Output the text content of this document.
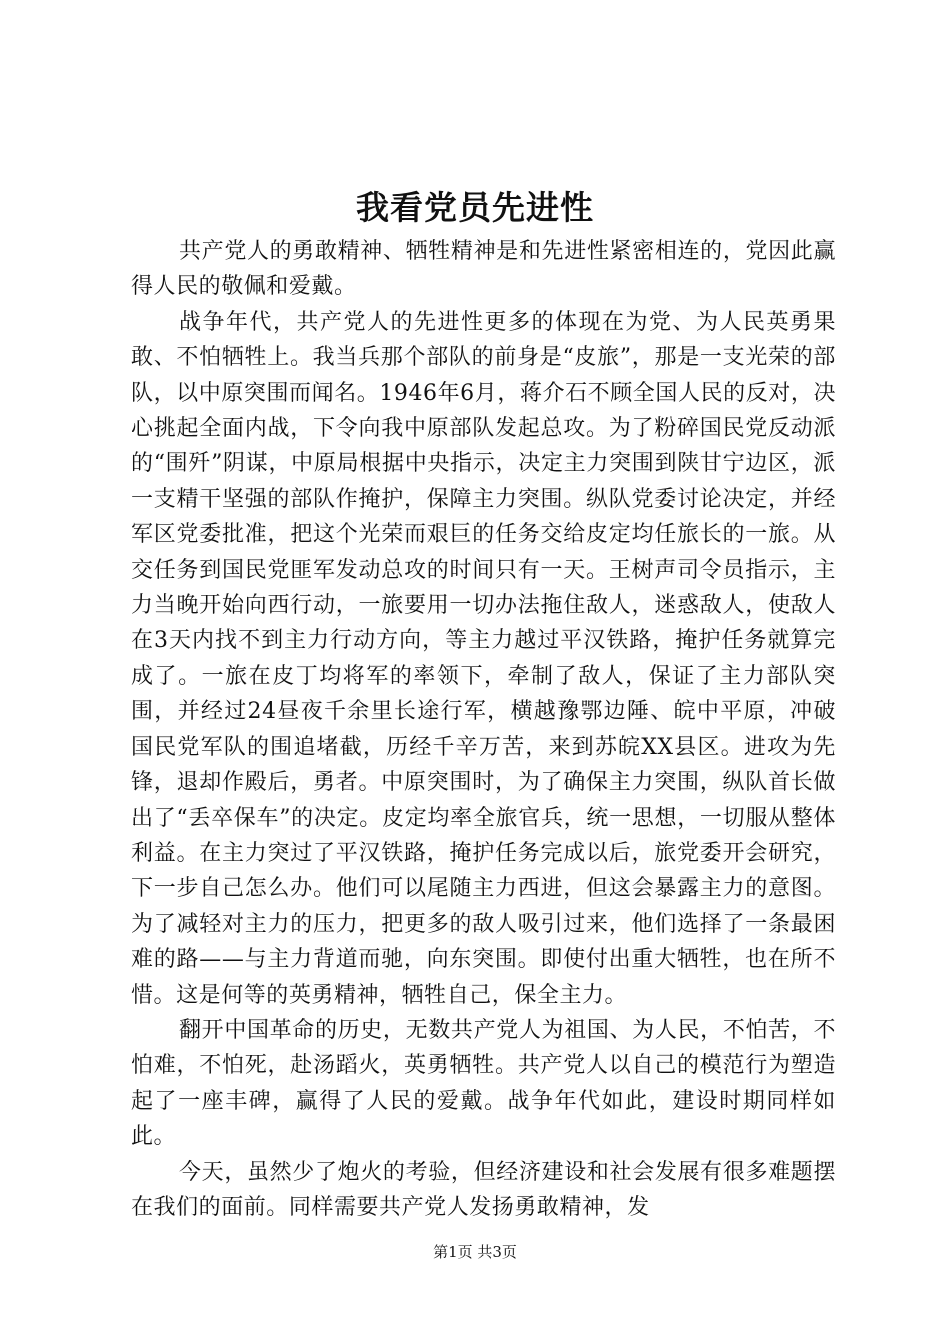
我看党员先进性

共产党人的勇敢精神、牺牲精神是和先进性紧密相连的，党因此赢得人民的敬佩和爱戴。

战争年代，共产党人的先进性更多的体现在为党、为人民英勇果敢、不怕牺牲上。我当兵那个部队的前身是“皮旅”，那是一支光荣的部队，以中原突围而闻名。1946年6月，蒋介石不顾全国人民的反对，决心挑起全面内战，下令向我中原部队发起总攻。为了粉碎国民党反动派的“围歼”阴谋，中原局根据中央指示，决定主力突围到陕甘宁边区，派一支精干坚强的部队作掩护，保障主力突围。纵队党委讨论决定，并经军区党委批准，把这个光荣而艰巨的任务交给皮定均任旅长的一旅。从交任务到国民党匪军发动总攻的时间只有一天。王树声司令员指示，主力当晚开始向西行动，一旅要用一切办法拖住敌人，迷惑敌人，使敌人在3天内找不到主力行动方向，等主力越过平汉铁路，掩护任务就算完成了。一旅在皮丁均将军的率领下，牵制了敌人，保证了主力部队突围，并经过24昼夜千余里长途行军，横越豫鄂边陲、皖中平原，冲破国民党军队的围追堵截，历经千辛万苦，来到苏皖XX县区。进攻为先锋，退却作殿后，勇者。中原突围时，为了确保主力突围，纵队首长做出了“丢卒保车”的决定。皮定均率全旅官兵，统一思想，一切服从整体利益。在主力突过了平汉铁路，掩护任务完成以后，旅党委开会研究，下一步自己怎么办。他们可以尾随主力西进，但这会暴露主力的意图。为了减轻对主力的压力，把更多的敌人吸引过来，他们选择了一条最困难的路——与主力背道而驰，向东突围。即使付出重大牺牲，也在所不惜。这是何等的英勇精神，牺牲自己，保全主力。

翻开中国革命的历史，无数共产党人为祖国、为人民，不怕苦，不怕难，不怕死，赴汤蹈火，英勇牺牲。共产党人以自己的模范行为塑造起了一座丰碑，赢得了人民的爱戴。战争年代如此，建设时期同样如此。

今天，虽然少了炮火的考验，但经济建设和社会发展有很多难题摆在我们的面前。同样需要共产党人发扬勇敢精神，发

第1页 共3页
